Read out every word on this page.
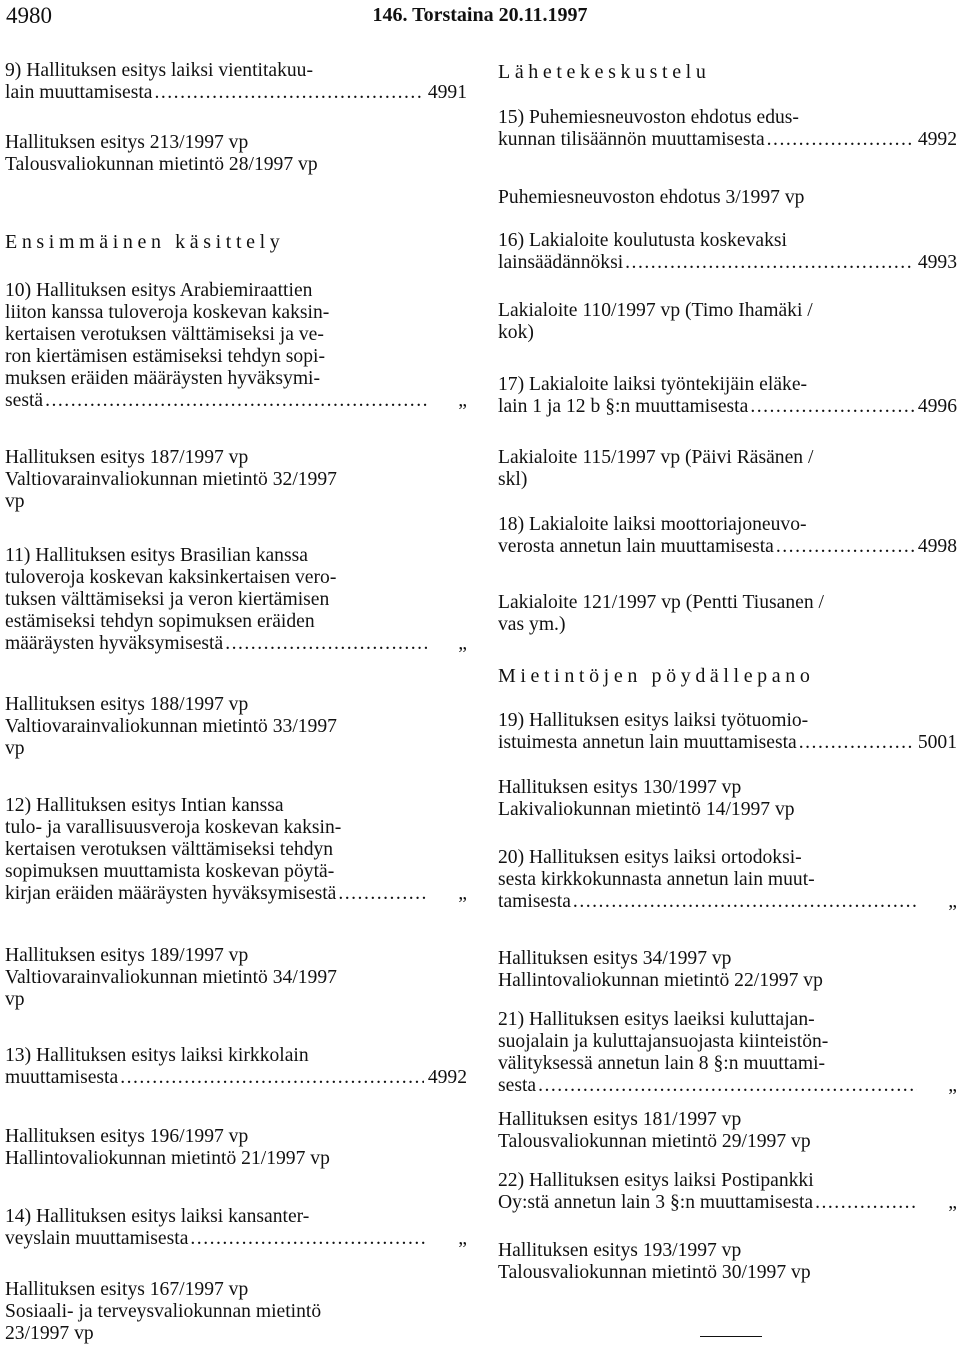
4980	146. Torstaina 20.11.1997
9) Hallituksen esitys laiksi vientitakuu-
lain muuttamisesta .....	4991
Hallituksen esitys 213/1997 vp
Talousvaliokunnan mietintö 28/1997 vp
Ensimmäinen käsittely
10) Hallituksen esitys Arabiemiraattien
liiton kanssa tuloveroja koskevan kaksin-
kertaisen verotuksen välttämiseksi ja ve-
ron kiertämisen estämiseksi tehdyn sopi-
muksen eräiden määräysten hyväksymi-
sestä .....	„
Hallituksen esitys 187/1997 vp
Valtiovarainvaliokunnan mietintö 32/1997
vp
11) Hallituksen esitys Brasilian kanssa
tuloveroja koskevan kaksinkertaisen vero-
tuksen välttämiseksi ja veron kiertämisen
estämiseksi tehdyn sopimuksen eräiden
määräysten hyväksymisestä .....	„
Hallituksen esitys 188/1997 vp
Valtiovarainvaliokunnan mietintö 33/1997
vp
12) Hallituksen esitys Intian kanssa
tulo- ja varallisuusveroja koskevan kaksin-
kertaisen verotuksen välttämiseksi tehdyn
sopimuksen muuttamista koskevan pöytä-
kirjan eräiden määräysten hyväksymisestä .....	„
Hallituksen esitys 189/1997 vp
Valtiovarainvaliokunnan mietintö 34/1997
vp
13) Hallituksen esitys laiksi kirkkolain
muuttamisesta .....	4992
Hallituksen esitys 196/1997 vp
Hallintovaliokunnan mietintö 21/1997 vp
14) Hallituksen esitys laiksi kansanter-
veyslain muuttamisesta .....	„
Hallituksen esitys 167/1997 vp
Sosiaali- ja terveysvaliokunnan mietintö
23/1997 vp
Lähetekeskustelu
15) Puhemiesneuvoston ehdotus edus-
kunnan tilisäännön muuttamisesta .....	4992
Puhemiesneuvoston ehdotus 3/1997 vp
16) Lakialoite koulutusta koskevaksi
lainsäädännöksi .....	4993
Lakialoite 110/1997 vp (Timo Ihamäki /
kok)
17) Lakialoite laiksi työntekijäin eläke-
lain 1 ja 12 b §:n muuttamisesta .....	4996
Lakialoite 115/1997 vp (Päivi Räsänen /
skl)
18) Lakialoite laiksi moottoriajoneuvo-
verosta annetun lain muuttamisesta .....	4998
Lakialoite 121/1997 vp (Pentti Tiusanen /
vas ym.)
Mietintöjen pöydällepano
19) Hallituksen esitys laiksi työtuomio-
istuimesta annetun lain muuttamisesta .....	5001
Hallituksen esitys 130/1997 vp
Lakivaliokunnan mietintö 14/1997 vp
20) Hallituksen esitys laiksi ortodoksi-
sesta kirkkokunnasta annetun lain muut-
tamisesta .....	„
Hallituksen esitys 34/1997 vp
Hallintovaliokunnan mietintö 22/1997 vp
21) Hallituksen esitys laeiksi kuluttajan-
suojalain ja kuluttajansuojasta kiinteistön-
välityksessä annetun lain 8 §:n muuttami-
sesta .....	„
Hallituksen esitys 181/1997 vp
Talousvaliokunnan mietintö 29/1997 vp
22) Hallituksen esitys laiksi Postipankki
Oy:stä annetun lain 3 §:n muuttamisesta .....	„
Hallituksen esitys 193/1997 vp
Talousvaliokunnan mietintö 30/1997 vp
